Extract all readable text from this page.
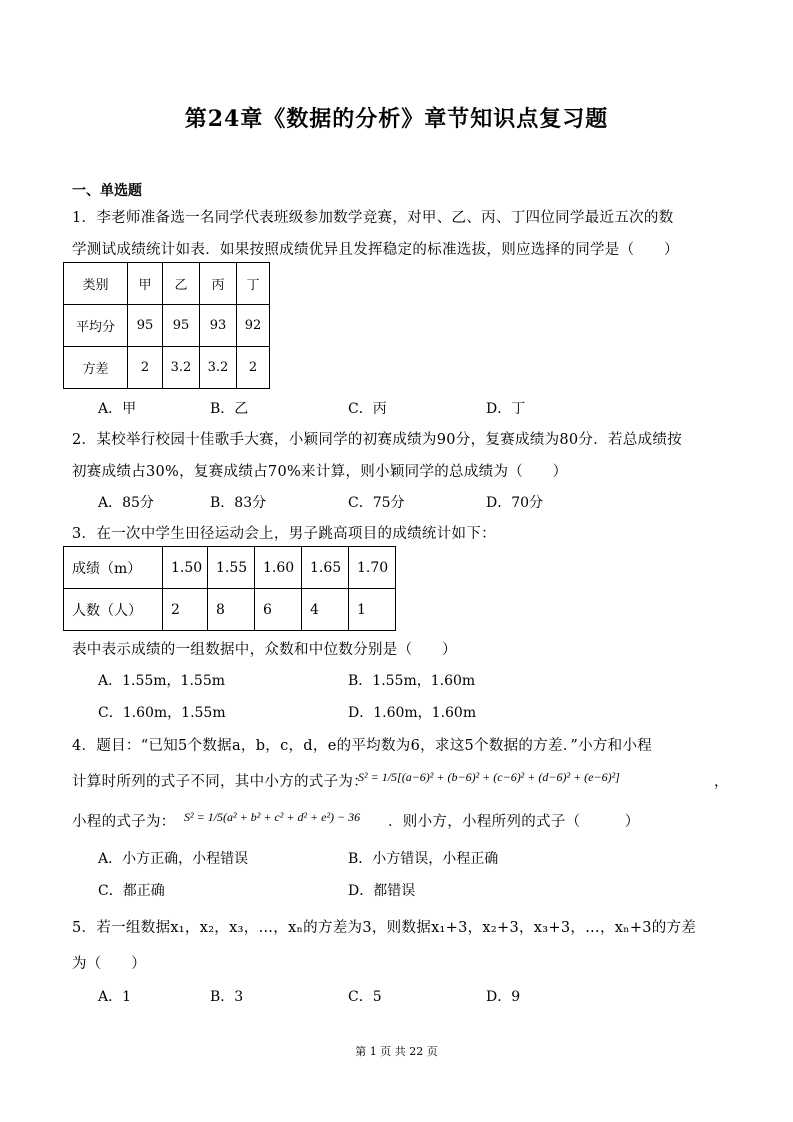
第24章《数据的分析》章节知识点复习题
一、单选题
1．李老师准备选一名同学代表班级参加数学竞赛，对甲、乙、丙、丁四位同学最近五次的数
学测试成绩统计如表．如果按照成绩优异且发挥稳定的标准选拔，则应选择的同学是（　　）
类别	甲	乙	丙	丁
平均分	95	95	93	92
方差	2	3.2	3.2	2
A．甲	B．乙	C．丙	D．丁
2．某校举行校园十佳歌手大赛，小颖同学的初赛成绩为90分，复赛成绩为80分．若总成绩按
初赛成绩占30%，复赛成绩占70%来计算，则小颖同学的总成绩为（　　）
A．85分	B．83分	C．75分	D．70分
3．在一次中学生田径运动会上，男子跳高项目的成绩统计如下：
成绩（m）	1.50	1.55	1.60	1.65	1.70
人数（人）	2	8	6	4	1
表中表示成绩的一组数据中，众数和中位数分别是（　　）
A．1.55m，1.55m	B．1.55m，1.60m
C．1.60m，1.55m	D．1.60m，1.60m
4．题目：“已知5个数据a，b，c，d，e的平均数为6，求这5个数据的方差．”小方和小程
计算时所列的式子不同，其中小方的式子为：
S² = 1/5[(a−6)² + (b−6)² + (c−6)² + (d−6)² + (e−6)²]	，
小程的式子为： S² = 1/5(a² + b² + c² + d² + e²) − 36 ．则小方，小程所列的式子（　　　）
A．小方正确，小程错误	B．小方错误，小程正确
C．都正确	D．都错误
5．若一组数据x₁，x₂，x₃，…，xₙ的方差为3，则数据x₁+3，x₂+3，x₃+3，…，xₙ+3的方差
为（　　）
A．1	B．3	C．5	D．9
第 1 页 共 22 页
